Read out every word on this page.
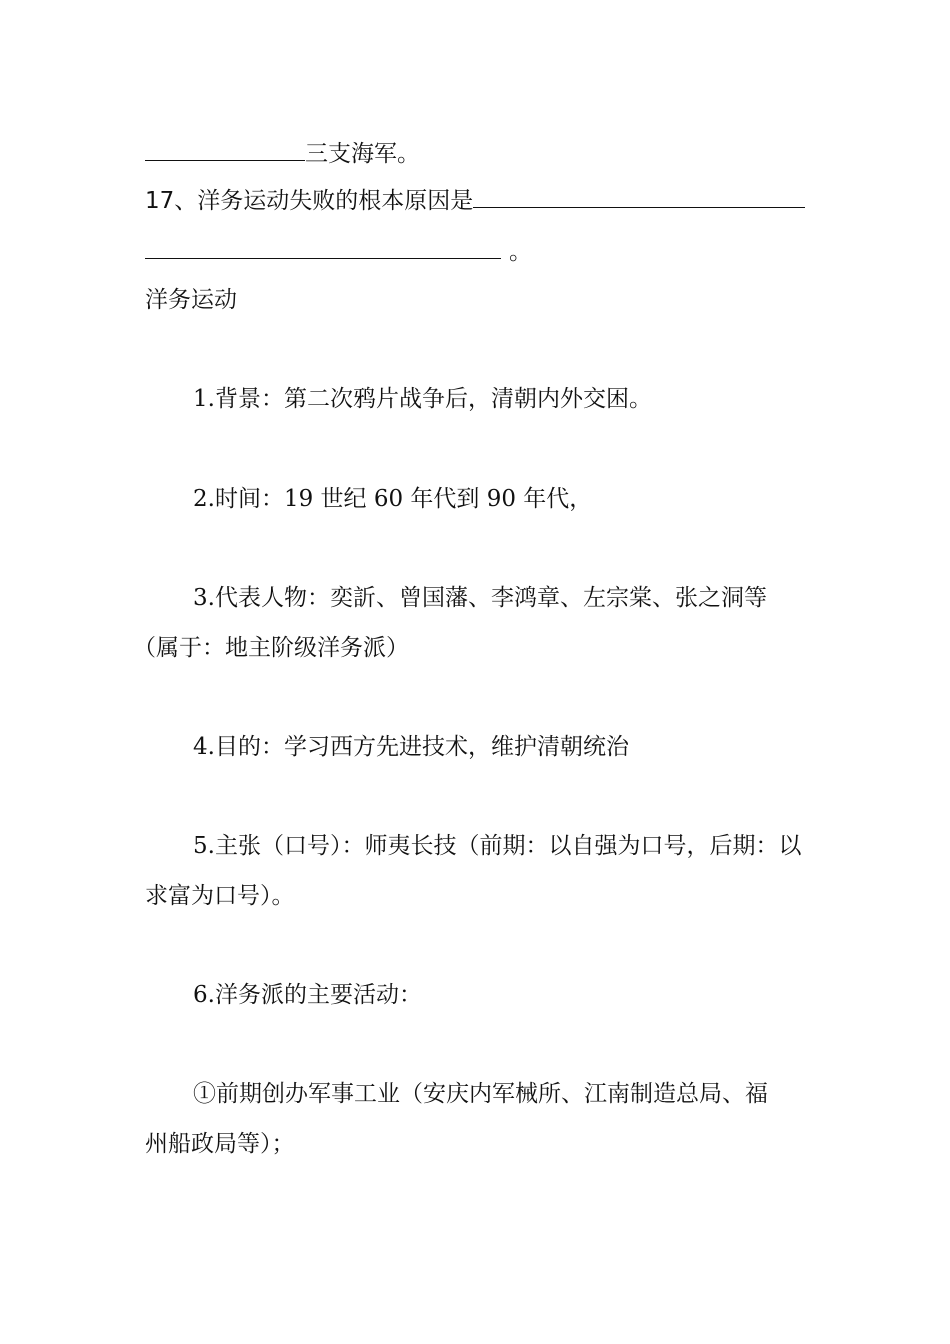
三支海军。
17、洋务运动失败的根本原因是
。
洋务运动
1.背景：第二次鸦片战争后，清朝内外交困。
2.时间：19 世纪 60 年代到 90 年代，
3.代表人物：奕訢、曾国藩、李鸿章、左宗棠、张之洞等
（属于：地主阶级洋务派）
4.目的：学习西方先进技术，维护清朝统治
5.主张（口号）：师夷长技（前期：以自强为口号，后期：以
求富为口号）。
6.洋务派的主要活动：
①前期创办军事工业（安庆内军械所、江南制造总局、福
州船政局等）；
